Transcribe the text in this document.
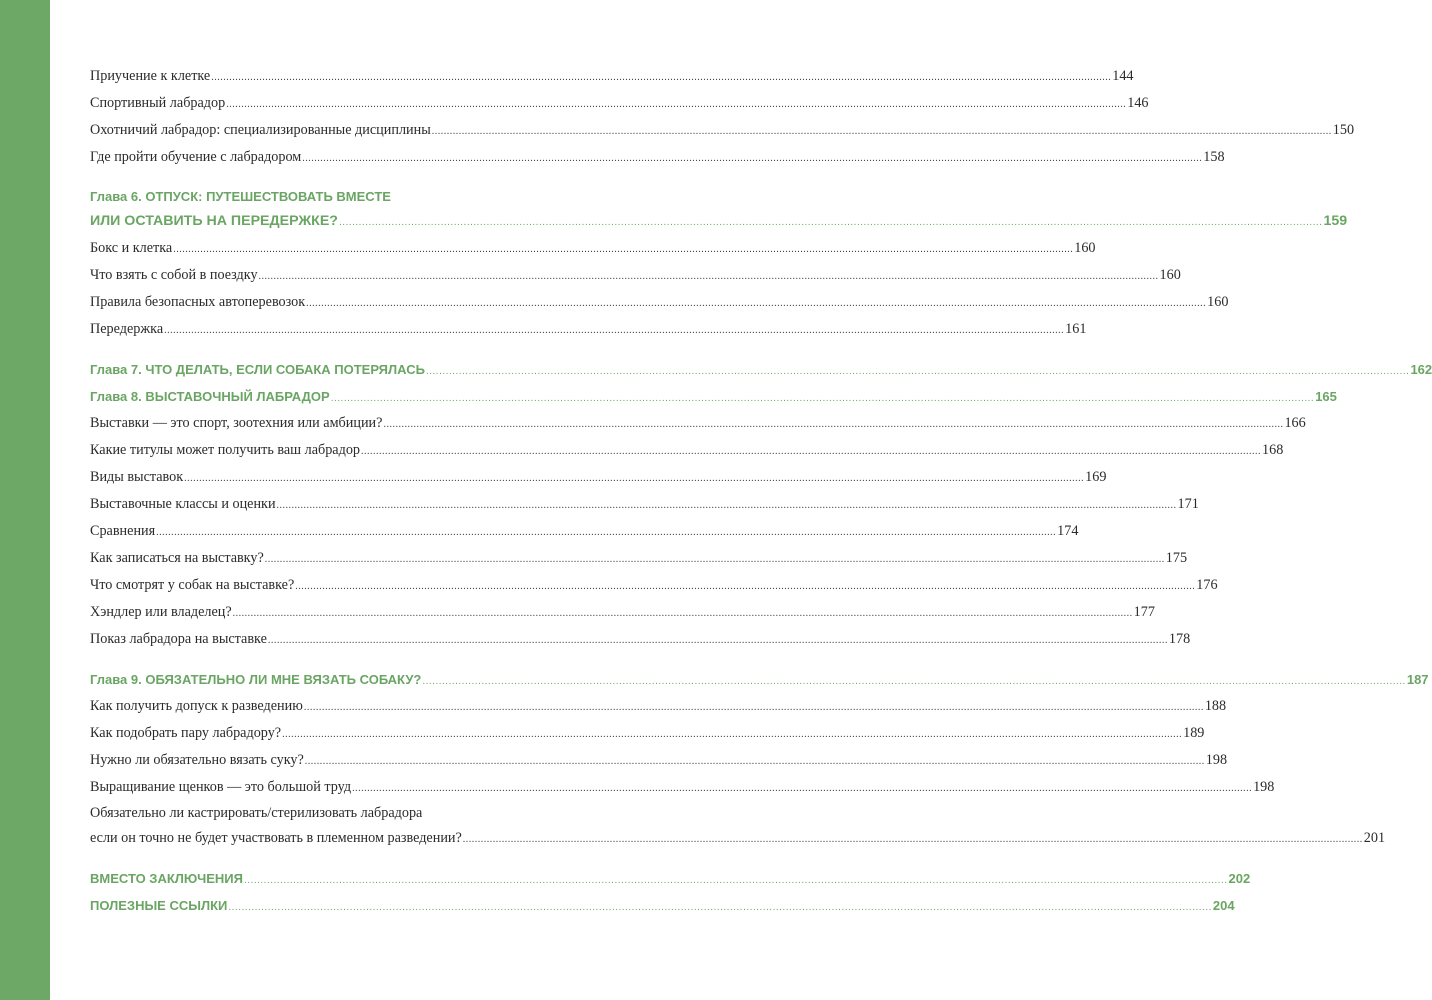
Приучение к клетке ............................................................................................................................................................................................................................................................................................................ 144
Спортивный лабрадор ............................................................................................................................................................................................................................................................................................................ 146
Охотничий лабрадор: специализированные дисциплины ............................................................................................................................................................................................................................................................................................................ 150
Где пройти обучение с лабрадором ............................................................................................................................................................................................................................................................................................................ 158
Глава 6. ОТПУСК: ПУТЕШЕСТВОВАТЬ ВМЕСТЕ
ИЛИ ОСТАВИТЬ НА ПЕРЕДЕРЖКЕ? ............................................................................................................................................................................................................................................................................................................ 159
Бокс и клетка ............................................................................................................................................................................................................................................................................................................ 160
Что взять с собой в поездку ............................................................................................................................................................................................................................................................................................................ 160
Правила безопасных автоперевозок ............................................................................................................................................................................................................................................................................................................ 160
Передержка ............................................................................................................................................................................................................................................................................................................ 161
Глава 7. ЧТО ДЕЛАТЬ, ЕСЛИ СОБАКА ПОТЕРЯЛАСЬ ............................................................................................................................................................................................................................................................................................................ 162
Глава 8. ВЫСТАВОЧНЫЙ ЛАБРАДОР ............................................................................................................................................................................................................................................................................................................ 165
Выставки — это спорт, зоотехния или амбиции? ............................................................................................................................................................................................................................................................................................................ 166
Какие титулы может получить ваш лабрадор ............................................................................................................................................................................................................................................................................................................ 168
Виды выставок ............................................................................................................................................................................................................................................................................................................ 169
Выставочные классы и оценки ............................................................................................................................................................................................................................................................................................................ 171
Сравнения ............................................................................................................................................................................................................................................................................................................ 174
Как записаться на выставку? ............................................................................................................................................................................................................................................................................................................ 175
Что смотрят у собак на выставке? ............................................................................................................................................................................................................................................................................................................ 176
Хэндлер или владелец? ............................................................................................................................................................................................................................................................................................................ 177
Показ лабрадора на выставке ............................................................................................................................................................................................................................................................................................................ 178
Глава 9. ОБЯЗАТЕЛЬНО ЛИ МНЕ ВЯЗАТЬ СОБАКУ? ............................................................................................................................................................................................................................................................................................................ 187
Как получить допуск к разведению ............................................................................................................................................................................................................................................................................................................ 188
Как подобрать пару лабрадору? ............................................................................................................................................................................................................................................................................................................ 189
Нужно ли обязательно вязать суку? ............................................................................................................................................................................................................................................................................................................ 198
Выращивание щенков — это большой труд ............................................................................................................................................................................................................................................................................................................ 198
Обязательно ли кастрировать/стерилизовать лабрадора
если он точно не будет участвовать в племенном разведении? ............................................................................................................................................................................................................................................................................................................ 201
ВМЕСТО ЗАКЛЮЧЕНИЯ ............................................................................................................................................................................................................................................................................................................ 202
ПОЛЕЗНЫЕ ССЫЛКИ ............................................................................................................................................................................................................................................................................................................ 204
